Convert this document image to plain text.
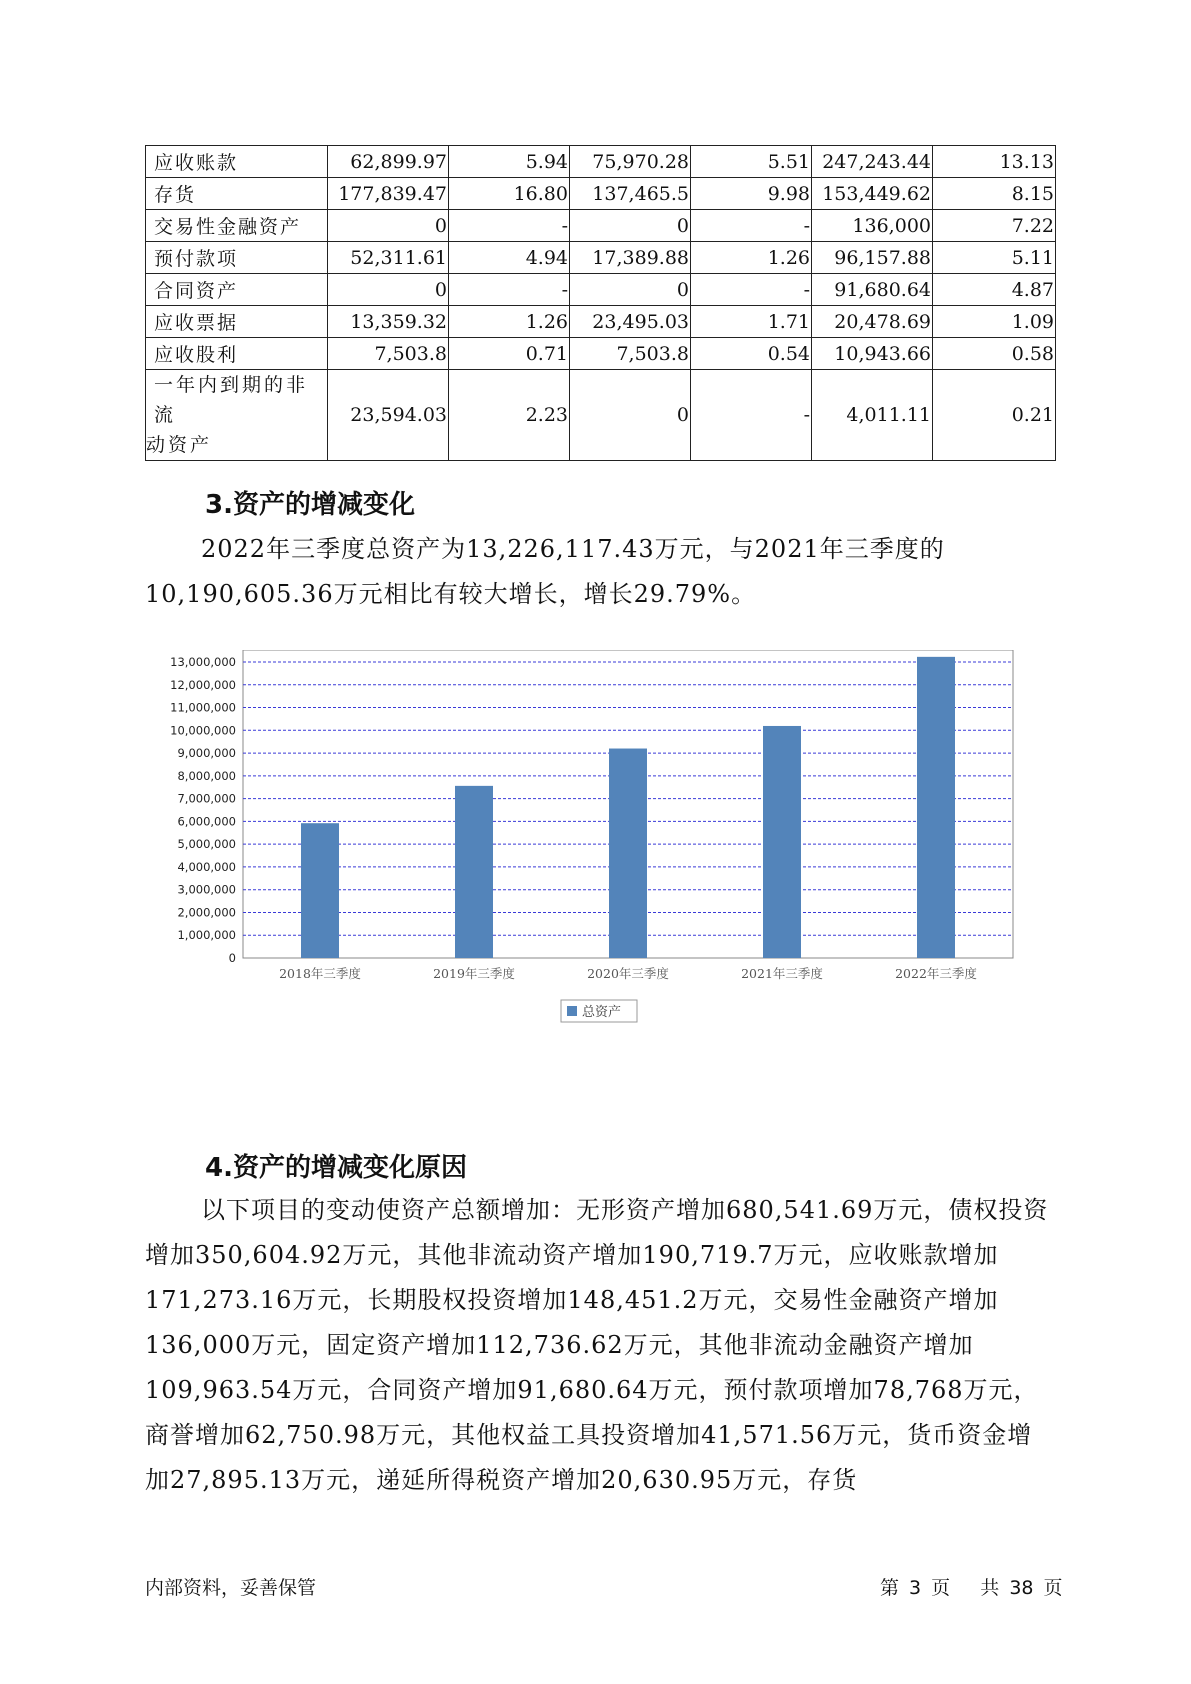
应收账款	62,899.97	5.94	75,970.28	5.51	247,243.44	13.13
存货	177,839.47	16.80	137,465.5	9.98	153,449.62	8.15
交易性金融资产	0	-	0	-	136,000	7.22
预付款项	52,311.61	4.94	17,389.88	1.26	96,157.88	5.11
合同资产	0	-	0	-	91,680.64	4.87
应收票据	13,359.32	1.26	23,495.03	1.71	20,478.69	1.09
应收股利	7,503.8	0.71	7,503.8	0.54	10,943.66	0.58

一年内到期的非流
动资产	23,594.03	2.23	0	-	4,011.11	0.21
3.资产的增减变化
2022年三季度总资产为13,226,117.43万元，与2021年三季度的10,190,605.36万元相比有较大增长，增长29.79%。
0
1,000,000
2,000,000
3,000,000
4,000,000
5,000,000
6,000,000
7,000,000
8,000,000
9,000,000
10,000,000
11,000,000
12,000,000
13,000,000
2018年三季度	2019年三季度	2020年三季度	2021年三季度	2022年三季度
总资产
4.资产的增减变化原因
以下项目的变动使资产总额增加：无形资产增加680,541.69万元，债权投资增加350,604.92万元，其他非流动资产增加190,719.7万元，应收账款增加171,273.16万元，长期股权投资增加148,451.2万元，交易性金融资产增加136,000万元，固定资产增加112,736.62万元，其他非流动金融资产增加109,963.54万元，合同资产增加91,680.64万元，预付款项增加78,768万元，商誉增加62,750.98万元，其他权益工具投资增加41,571.56万元，货币资金增加27,895.13万元，递延所得税资产增加20,630.95万元，存货
内部资料，妥善保管	第 3 页   共 38 页
